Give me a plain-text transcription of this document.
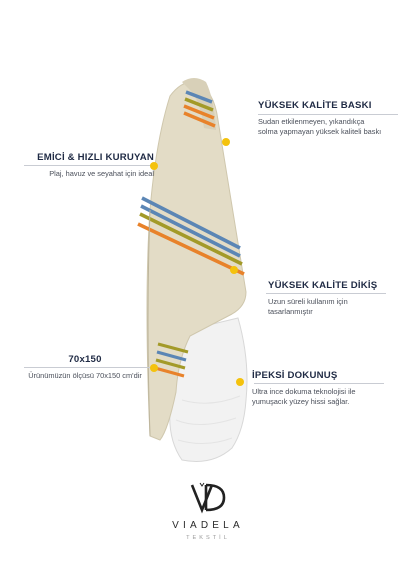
YÜKSEK KALİTE BASKI
Sudan etkilenmeyen, yıkandıkça
solma yapmayan yüksek kaliteli baskı
EMİCİ & HIZLI KURUYAN
Plaj, havuz ve seyahat için ideal
YÜKSEK KALİTE DİKİŞ
Uzun süreli kullanım için
tasarlanmıştır
70x150
Ürünümüzün ölçüsü 70x150 cm'dir	İPEKSİ DOKUNUŞ
Ultra ince dokuma teknolojisi ile
yumuşacık yüzey hissi sağlar.
VIADELA
TEKSTİL
